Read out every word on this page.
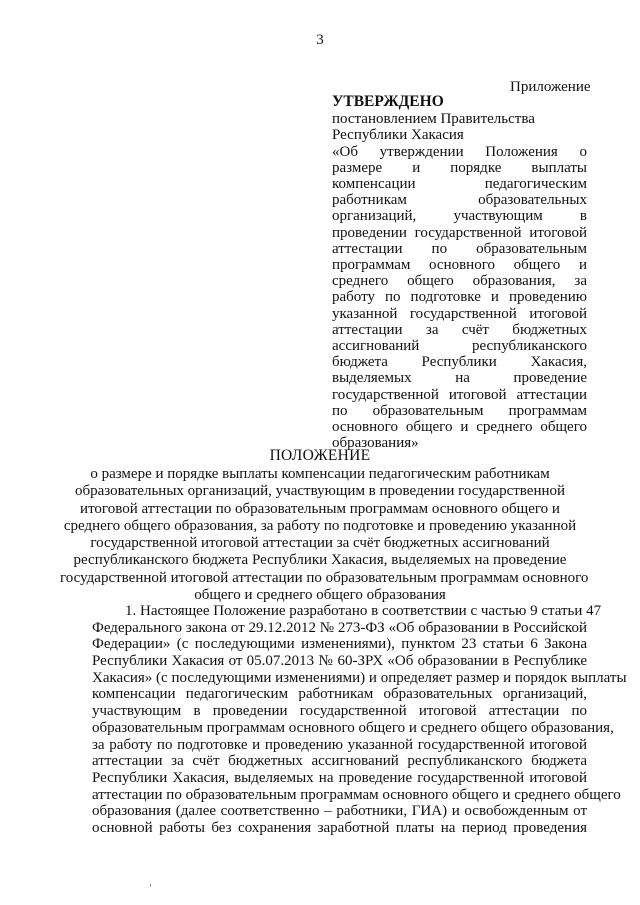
3
Приложение
УТВЕРЖДЕНО
постановлением Правительства
Республики Хакасия
«Об утверждении Положения о размере и порядке выплаты компенсации педагогическим работникам образовательных организаций, участвующим в проведении государственной итоговой аттестации по образовательным программам основного общего и среднего общего образования, за работу по подготовке и проведению указанной государственной итоговой аттестации за счёт бюджетных ассигнований республиканского бюджета Республики Хакасия, выделяемых на проведение государственной итоговой аттестации по образовательным программам основного общего и среднего общего образования»
ПОЛОЖЕНИЕ
о размере и порядке выплаты компенсации педагогическим работникам
образовательных организаций, участвующим в проведении государственной
итоговой аттестации по образовательным программам основного общего и
среднего общего образования, за работу по подготовке и проведению указанной
государственной итоговой аттестации за счёт бюджетных ассигнований
республиканского бюджета Республики Хакасия, выделяемых на проведение
государственной итоговой аттестации по образовательным программам основного
общего и среднего общего образования
1. Настоящее Положение разработано в соответствии с частью 9 статьи 47
Федерального закона от 29.12.2012 № 273-ФЗ «Об образовании в Российской
Федерации» (с последующими изменениями), пунктом 23 статьи 6 Закона
Республики Хакасия от 05.07.2013 № 60-ЗРХ «Об образовании в Республике
Хакасия» (с последующими изменениями) и определяет размер и порядок выплаты
компенсации педагогическим работникам образовательных организаций,
участвующим в проведении государственной итоговой аттестации по
образовательным программам основного общего и среднего общего образования,
за работу по подготовке и проведению указанной государственной итоговой
аттестации за счёт бюджетных ассигнований республиканского бюджета
Республики Хакасия, выделяемых на проведение государственной итоговой
аттестации по образовательным программам основного общего и среднего общего
образования (далее соответственно – работники, ГИА) и освобожденным от
основной работы без сохранения заработной платы на период проведения
